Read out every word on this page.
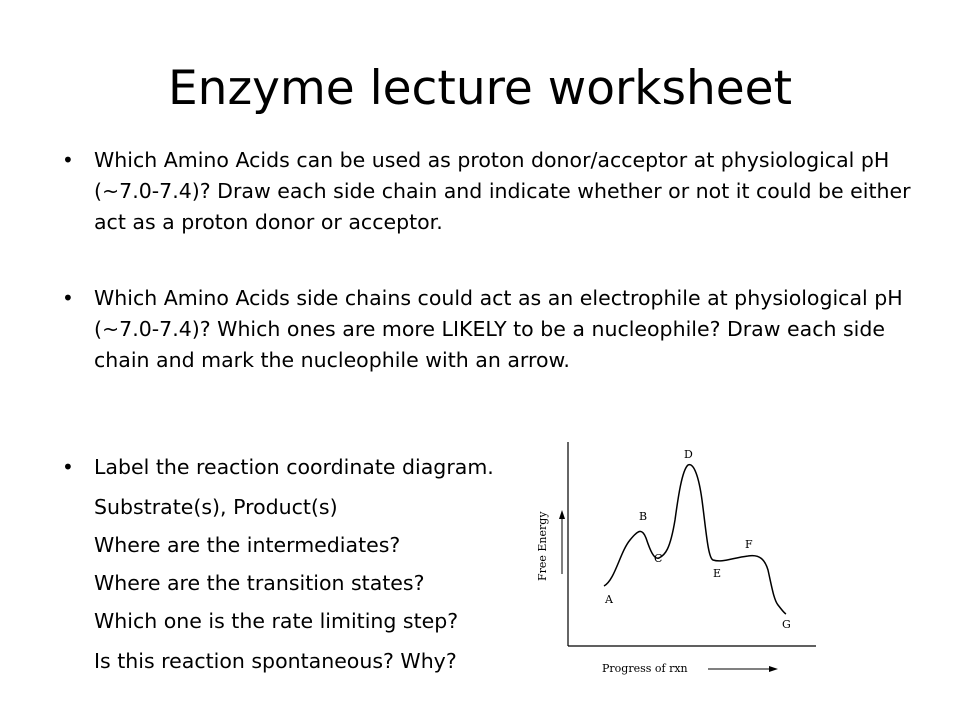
Enzyme lecture worksheet
• Which Amino Acids can be used as proton donor/acceptor at physiological pH (~7.0-7.4)? Draw each side chain and indicate whether or not it could be either act as a proton donor or acceptor.
• Which Amino Acids side chains could act as an electrophile at physiological pH (~7.0-7.4)? Which ones are more LIKELY to be a nucleophile? Draw each side chain and mark the nucleophile with an arrow.
• Label the reaction coordinate diagram.
Substrate(s), Product(s)
Where are the intermediates?
Where are the transition states?
Which one is the rate limiting step?
Is this reaction spontaneous? Why?
Free Energy
A
B
C
D
E
F
G
Progress of rxn
